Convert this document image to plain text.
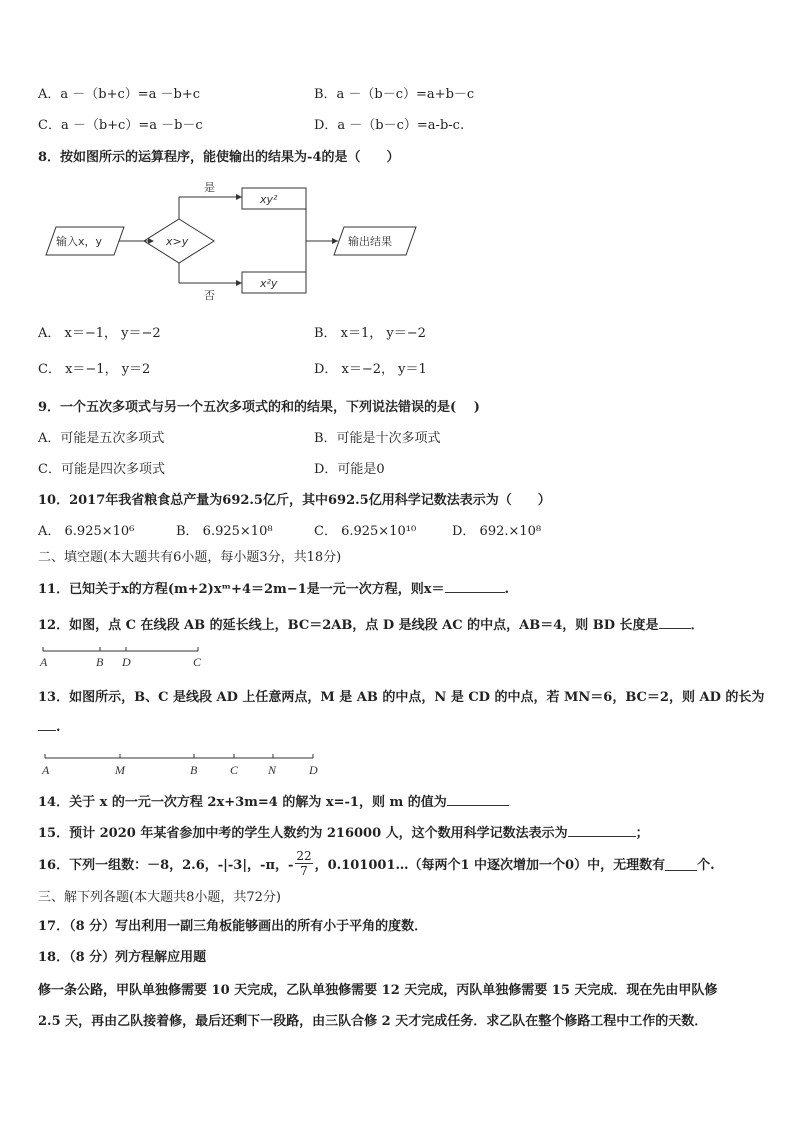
A．a －（b+c）=a －b+c	B．a －（b－c）=a+b－c
C．a －（b+c）=a －b－c	D．a －（b－c）=a-b-c.
8．按如图所示的运算程序，能使输出的结果为-4的是（　　）
输入x，y	x>y
是
xy²
否
x²y
输出结果
A． x＝−1， y＝−2	B． x＝1， y＝−2
C． x＝−1， y＝2	D． x＝−2， y＝1
9．一个五次多项式与另一个五次多项式的和的结果，下列说法错误的是(　 )
A．可能是五次多项式	B．可能是十次多项式
C．可能是四次多项式	D．可能是0
10．2017年我省粮食总产量为692.5亿斤，其中692.5亿用科学记数法表示为（　　）
A． 6.925×10⁶	B． 6.925×10⁸	C． 6.925×10¹⁰	D． 692.×10⁸
二、填空题(本大题共有6小题，每小题3分，共18分)
11．已知关于x的方程(m+2)xᵐ+4＝2m−1是一元一次方程，则x＝	.
12．如图，点 C 在线段 AB 的延长线上，BC＝2AB，点 D 是线段 AC 的中点，AB＝4，则 BD 长度是 ．
A	B D	C
13．如图所示，B、C 是线段 AD 上任意两点，M 是 AB 的中点，N 是 CD 的中点，若 MN＝6，BC＝2，则 AD 的长为
.
A	M	B	C N	D
14．关于 x 的一元一次方程 2x+3m=4 的解为 x=-1，则 m 的值为
15．预计 2020 年某省参加中考的学生人数约为 216000 人，这个数用科学记数法表示为	；
16．下列一组数：－8，2.6，-|-3|，-π，- $\frac{22}{7}$ ，0.101001…（每两个1 中逐次增加一个0）中，无理数有 个.
三、解下列各题(本大题共8小题，共72分)
17．（8 分）写出利用一副三角板能够画出的所有小于平角的度数．
18．（8 分）列方程解应用题
修一条公路，甲队单独修需要 10 天完成，乙队单独修需要 12 天完成，丙队单独修需要 15 天完成．现在先由甲队修
2.5 天，再由乙队接着修，最后还剩下一段路，由三队合修 2 天才完成任务．求乙队在整个修路工程中工作的天数．
